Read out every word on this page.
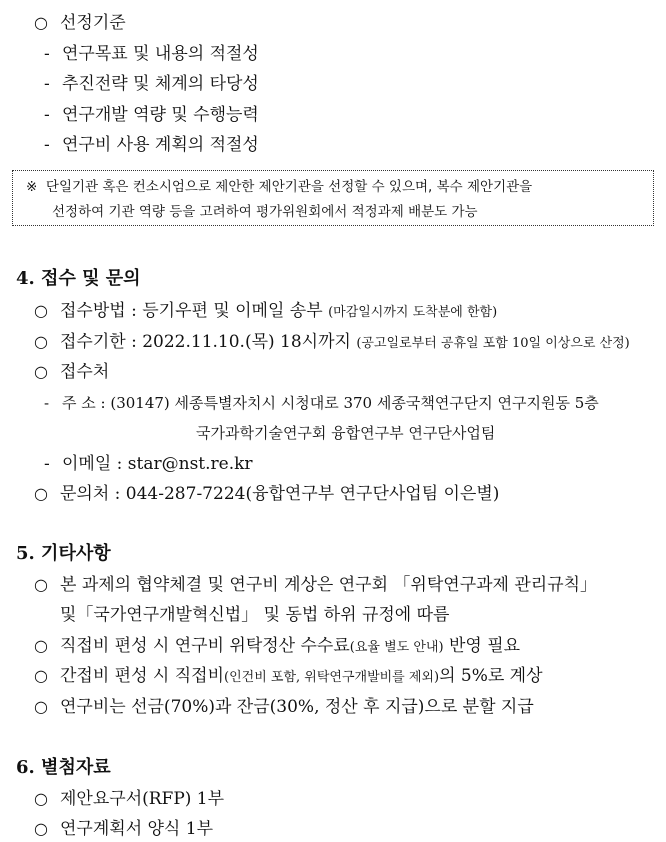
○ 선정기준
- 연구목표 및 내용의 적절성
- 추진전략 및 체계의 타당성
- 연구개발 역량 및 수행능력
- 연구비 사용 계획의 적절성
※ 단일기관 혹은 컨소시엄으로 제안한 제안기관을 선정할 수 있으며, 복수 제안기관을
선정하여 기관 역량 등을 고려하여 평가위원회에서 적정과제 배분도 가능
4. 접수 및 문의
○ 접수방법 : 등기우편 및 이메일 송부 (마감일시까지 도착분에 한함)
○ 접수기한 : 2022.11.10.(목) 18시까지 (공고일로부터 공휴일 포함 10일 이상으로 산정)
○ 접수처
- 주 소 : (30147) 세종특별자치시 시청대로 370 세종국책연구단지 연구지원동 5층
국가과학기술연구회 융합연구부 연구단사업팀
- 이메일 : star@nst.re.kr
○ 문의처 : 044-287-7224(융합연구부 연구단사업팀 이은별)
5. 기타사항
○ 본 과제의 협약체결 및 연구비 계상은 연구회 「위탁연구과제 관리규칙」
및「국가연구개발혁신법」 및 동법 하위 규정에 따름
○ 직접비 편성 시 연구비 위탁정산 수수료(요율 별도 안내) 반영 필요
○ 간접비 편성 시 직접비(인건비 포함, 위탁연구개발비를 제외)의 5%로 계상
○ 연구비는 선금(70%)과 잔금(30%, 정산 후 지급)으로 분할 지급
6. 별첨자료
○ 제안요구서(RFP) 1부
○ 연구계획서 양식 1부
